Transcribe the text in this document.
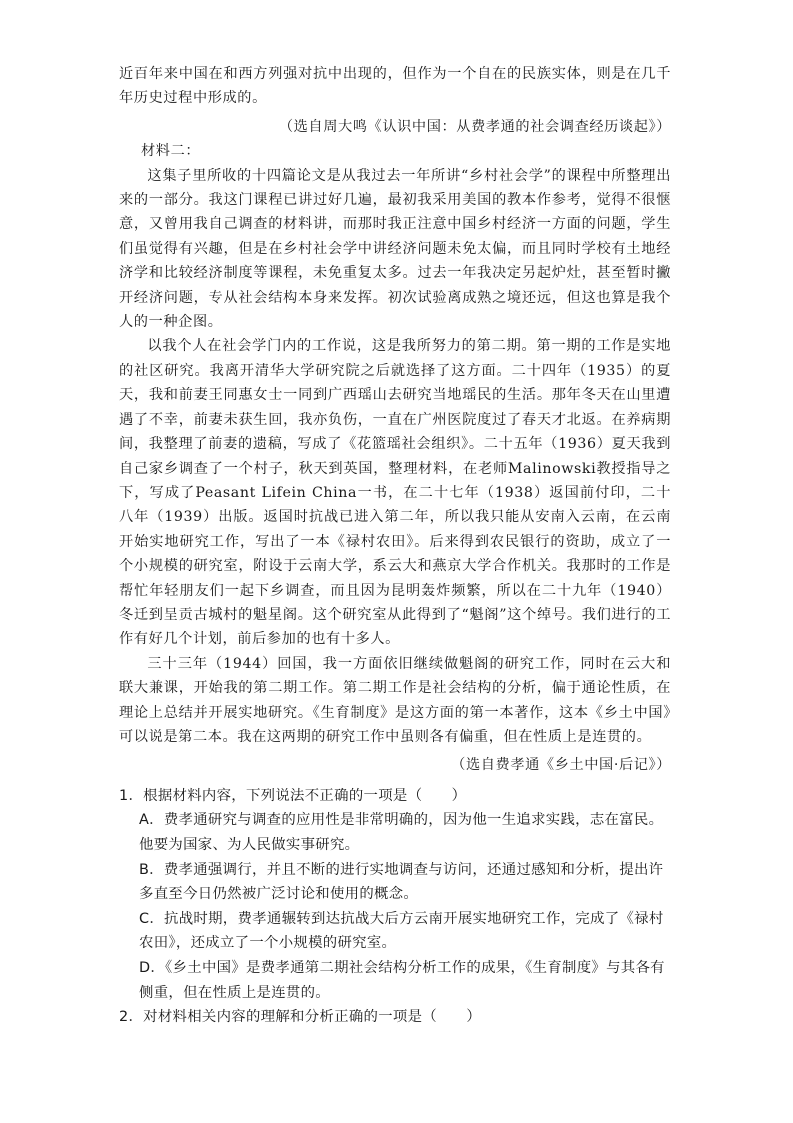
近百年来中国在和西方列强对抗中出现的，但作为一个自在的民族实体，则是在几千年历史过程中形成的。

（选自周大鸣《认识中国：从费孝通的社会调查经历谈起》）

材料二：

这集子里所收的十四篇论文是从我过去一年所讲“乡村社会学”的课程中所整理出来的一部分。我这门课程已讲过好几遍，最初我采用美国的教本作参考，觉得不很惬意，又曾用我自己调查的材料讲，而那时我正注意中国乡村经济一方面的问题，学生们虽觉得有兴趣，但是在乡村社会学中讲经济问题未免太偏，而且同时学校有土地经济学和比较经济制度等课程，未免重复太多。过去一年我决定另起炉灶，甚至暂时撇开经济问题，专从社会结构本身来发挥。初次试验离成熟之境还远，但这也算是我个人的一种企图。

以我个人在社会学门内的工作说，这是我所努力的第二期。第一期的工作是实地的社区研究。我离开清华大学研究院之后就选择了这方面。二十四年（1935）的夏天，我和前妻王同惠女士一同到广西瑶山去研究当地瑶民的生活。那年冬天在山里遭遇了不幸，前妻未获生回，我亦负伤，一直在广州医院度过了春天才北返。在养病期间，我整理了前妻的遗稿，写成了《花篮瑶社会组织》。二十五年（1936）夏天我到自己家乡调查了一个村子，秋天到英国，整理材料，在老师Malinowski教授指导之下，写成了Peasant Lifein China一书，在二十七年（1938）返国前付印，二十八年（1939）出版。返国时抗战已进入第二年，所以我只能从安南入云南，在云南开始实地研究工作，写出了一本《禄村农田》。后来得到农民银行的资助，成立了一个小规模的研究室，附设于云南大学，系云大和燕京大学合作机关。我那时的工作是帮忙年轻朋友们一起下乡调查，而且因为昆明轰炸频繁，所以在二十九年（1940）冬迁到呈贡古城村的魁星阁。这个研究室从此得到了“魁阁”这个绰号。我们进行的工作有好几个计划，前后参加的也有十多人。

三十三年（1944）回国，我一方面依旧继续做魁阁的研究工作，同时在云大和联大兼课，开始我的第二期工作。第二期工作是社会结构的分析，偏于通论性质，在理论上总结并开展实地研究。《生育制度》是这方面的第一本著作，这本《乡土中国》可以说是第二本。我在这两期的研究工作中虽则各有偏重，但在性质上是连贯的。

（选自费孝通《乡土中国·后记》）

1．根据材料内容，下列说法不正确的一项是（　　）

A．费孝通研究与调查的应用性是非常明确的，因为他一生追求实践，志在富民。他要为国家、为人民做实事研究。

B．费孝通强调行，并且不断的进行实地调查与访问，还通过感知和分析，提出许多直至今日仍然被广泛讨论和使用的概念。

C．抗战时期，费孝通辗转到达抗战大后方云南开展实地研究工作，完成了《禄村农田》，还成立了一个小规模的研究室。

D．《乡土中国》是费孝通第二期社会结构分析工作的成果，《生育制度》与其各有侧重，但在性质上是连贯的。

2．对材料相关内容的理解和分析正确的一项是（　　）
